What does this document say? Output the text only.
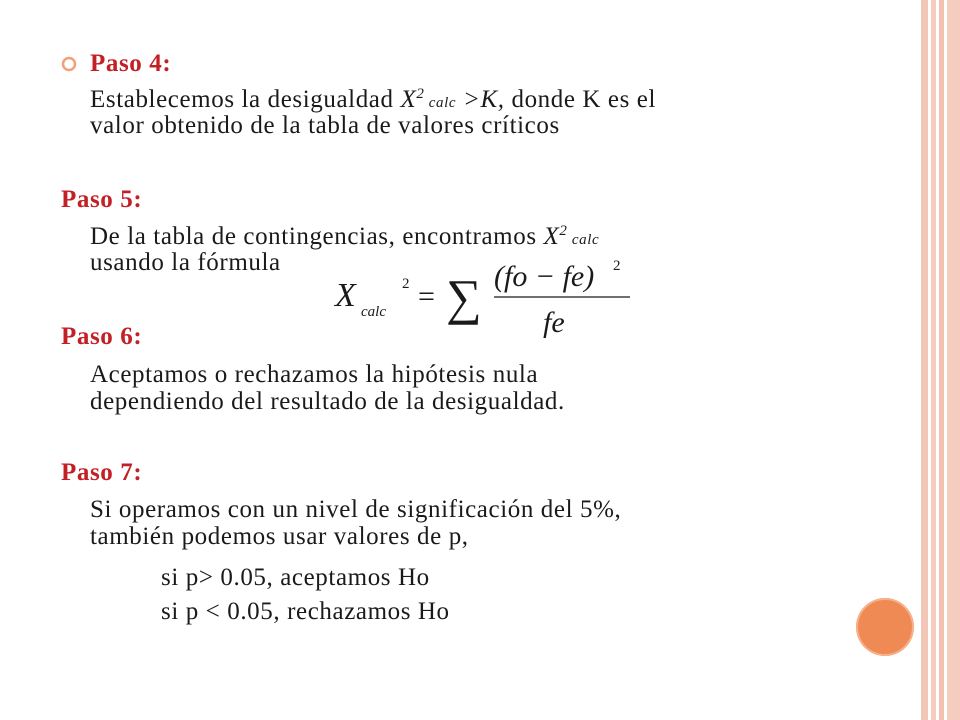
Paso 4:
Establecemos la desigualdad $X^2$ calc >K, donde K es el
valor obtenido de la tabla de valores críticos
Paso 5:
De la tabla de contingencias, encontramos $X^2$ calc
usando la fórmula
X calc
2 = ∑ (fo − fe) 2
fe
Paso 6:
Aceptamos o rechazamos la hipótesis nula
dependiendo del resultado de la desigualdad.
Paso 7:
Si operamos con un nivel de significación del 5%,
también podemos usar valores de p,
si p> 0.05, aceptamos Ho
si p < 0.05, rechazamos Ho
